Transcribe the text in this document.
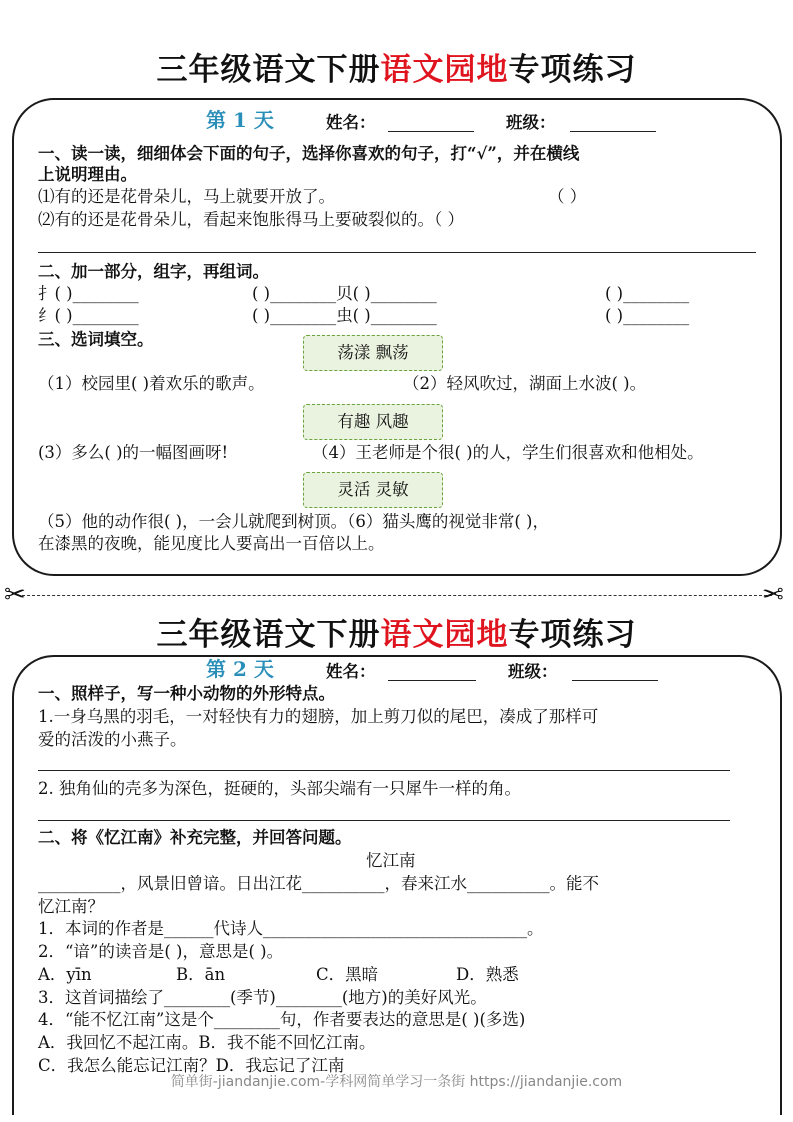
三年级语文下册语文园地专项练习
第 1 天	姓名：	班级：
一、读一读，细细体会下面的句子，选择你喜欢的句子，打“√”，并在横线
上说明理由。
⑴有的还是花骨朵儿，马上就要开放了。	（ ）
⑵有的还是花骨朵儿，看起来饱胀得马上要破裂似的。（ ）
二、加一部分，组字，再组词。
扌( )________	( )________贝( )________	( )________
纟( )________	( )________虫( )________	( )________
三、选词填空。
荡漾 飘荡
（1）校园里( )着欢乐的歌声。	（2）轻风吹过，湖面上水波( )。
有趣 风趣
(3）多么( )的一幅图画呀!	（4）王老师是个很( )的人，学生们很喜欢和他相处。
灵活 灵敏
（5）他的动作很( )，一会儿就爬到树顶。（6）猫头鹰的视觉非常( )，
在漆黑的夜晚，能见度比人要高出一百倍以上。
✂	✂
三年级语文下册语文园地专项练习
第 2 天	姓名：	班级：
一、照样子，写一种小动物的外形特点。
1.一身乌黑的羽毛，一对轻快有力的翅膀，加上剪刀似的尾巴，凑成了那样可
爱的活泼的小燕子。
2. 独角仙的壳多为深色，挺硬的，头部尖端有一只犀牛一样的角。
二、将《忆江南》补充完整，并回答问题。
忆江南
__________，风景旧曾谙。日出江花__________，春来江水__________。能不
忆江南？
1．本词的作者是______代诗人________________________________。
2．“谙”的读音是( )，意思是( )。
A．yīn	B．ān	C．黑暗	D．熟悉
3．这首词描绘了________(季节)________(地方)的美好风光。
4．“能不忆江南”这是个________句，作者要表达的意思是( )(多选)
A．我回忆不起江南。B．我不能不回忆江南。
C．我怎么能忘记江南？D．我忘记了江南
简单街-jiandanjie.com-学科网简单学习一条街 https://jiandanjie.com
